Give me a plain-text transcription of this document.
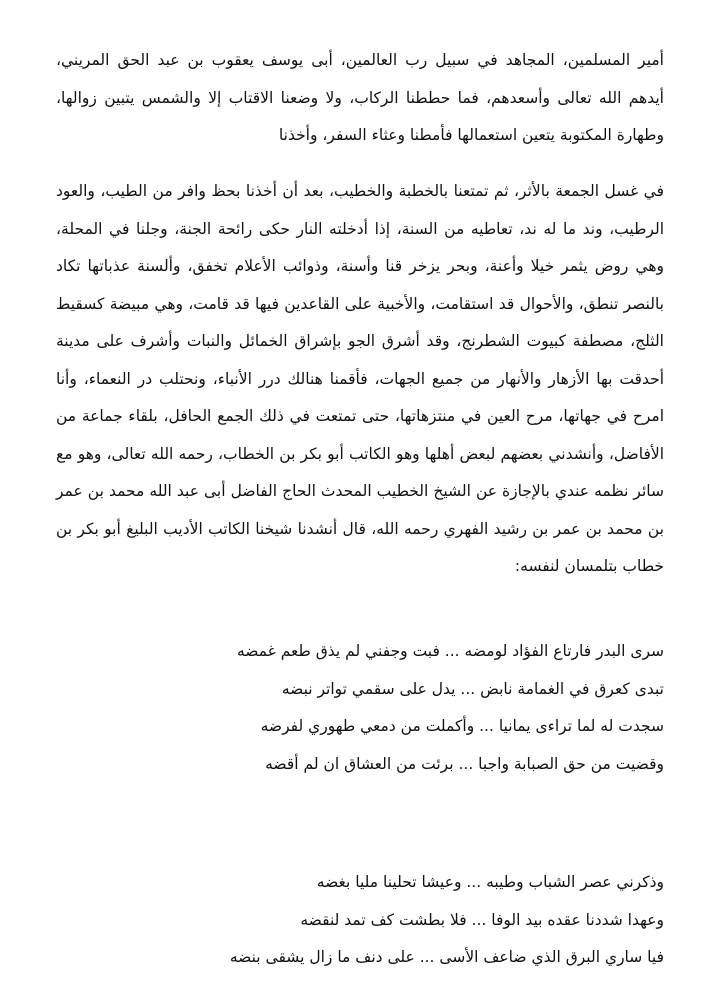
أمير المسلمين، المجاهد في سبيل رب العالمين، أبى يوسف يعقوب بن عبد الحق المريني، أيدهم الله تعالى وأسعدهم، فما حططنا الركاب، ولا وضعنا الاقتاب إلا والشمس يتبين زوالها، وطهارة المكتوبة يتعين استعمالها فأمطنا وعثاء السفر، وأخذنا

في غسل الجمعة بالأثر، ثم تمتعنا بالخطبة والخطيب، بعد أن أخذنا بحظ وافر من الطيب، والعود الرطيب، وند ما له ند، تعاطيه من السنة، إذا أدخلته النار حكى رائحة الجنة، وجلنا في المحلة، وهي روض يثمر خيلا وأعنة، وبحر يزخر قنا وأسنة، وذوائب الأعلام تخفق، وألسنة عذباتها تكاد بالنصر تنطق، والأحوال قد استقامت، والأخبية على القاعدين فيها قد قامت، وهي مبيضة كسقيط الثلج، مصطفة كبيوت الشطرنج، وقد أشرق الجو بإشراق الخمائل والنبات وأشرف على مدينة أحدقت بها الأزهار والأنهار من جميع الجهات، فأقمنا هنالك درر الأنباء، ونحتلب در النعماء، وأنا امرح في جهاتها، مرح العين في منتزهاتها، حتى تمتعت في ذلك الجمع الحافل، بلقاء جماعة من الأفاضل، وأنشدني بعضهم لبعض أهلها وهو الكاتب أبو بكر بن الخطاب، رحمه الله تعالى، وهو مع سائر نظمه عندي بالإجازة عن الشيخ الخطيب المحدث الحاج الفاضل أبى عبد الله محمد بن عمر بن محمد بن عمر بن رشيد الفهري رحمه الله، قال أنشدنا شيخنا الكاتب الأديب البليغ أبو بكر بن خطاب بتلمسان لنفسه:

سرى البدر فارتاع الفؤاد لومضه ... فبت وجفني لم يذق طعم غمضه
تبدى كعرق في الغمامة نابض ... يدل على سقمي تواتر نبضه
سجدت له لما تراءى يمانيا ... وأكملت من دمعي طهوري لفرضه
وقضيت من حق الصبابة واجبا ... برئت من العشاق ان لم أقضه
وذكرني عصر الشباب وطيبه ... وعيشا تحلينا مليا بغضه
وعهدا شددنا عقده بيد الوفا ... فلا بطشت كف تمد لنقضه
فيا ساري البرق الذي ضاعف الأسى ... على دنف ما زال يشقى بنضه
